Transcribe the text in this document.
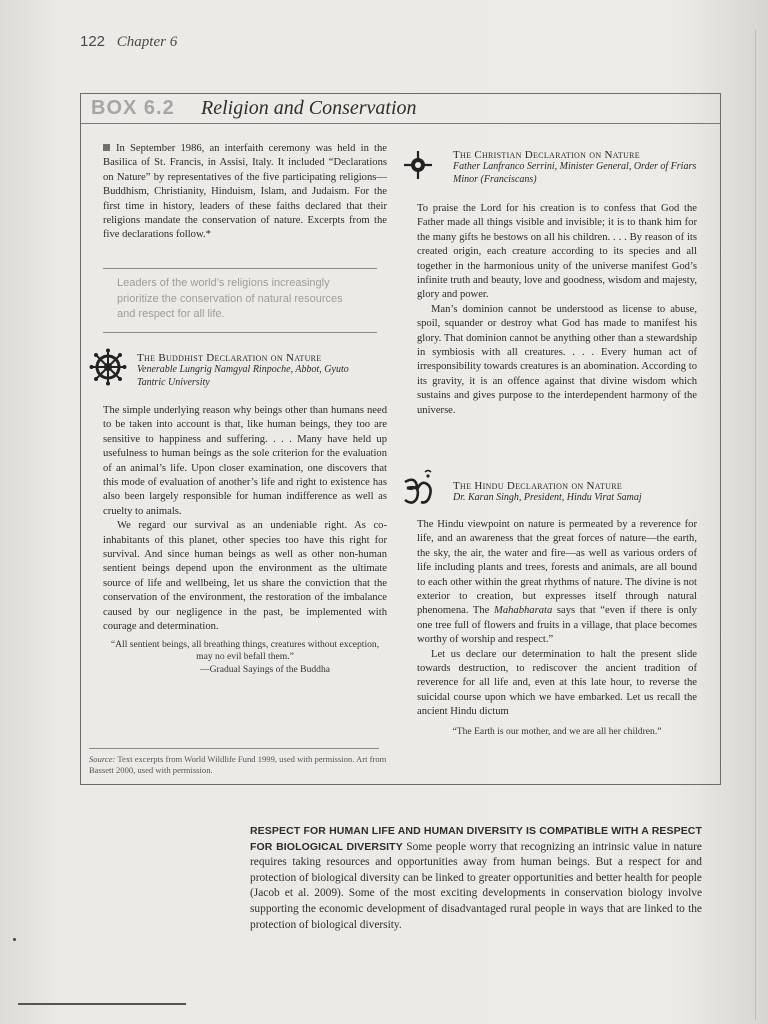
122 Chapter 6
BOX 6.2 Religion and Conservation
In September 1986, an interfaith ceremony was held in the Basilica of St. Francis, in Assisi, Italy. It included “Declarations on Nature” by representatives of the five participating religions—Buddhism, Christianity, Hinduism, Islam, and Judaism. For the first time in history, leaders of these faiths declared that their religions mandate the conservation of nature. Excerpts from the five declarations follow.*
Leaders of the world’s religions increasingly prioritize the conservation of natural resources and respect for all life.
The Buddhist Declaration on Nature
Venerable Lungrig Namgyal Rinpoche, Abbot, Gyuto Tantric University

The simple underlying reason why beings other than humans need to be taken into account is that, like human beings, they too are sensitive to happiness and suffering. . . . Many have held up usefulness to human beings as the sole criterion for the evaluation of an animal’s life. Upon closer examination, one discovers that this mode of evaluation of another’s life and right to existence has also been largely responsible for human indifference as well as cruelty to animals.

We regard our survival as an undeniable right. As co-inhabitants of this planet, other species too have this right for survival. And since human beings as well as other non-human sentient beings depend upon the environment as the ultimate source of life and wellbeing, let us share the conviction that the conservation of the environment, the restoration of the imbalance caused by our negligence in the past, be implemented with courage and determination.

“All sentient beings, all breathing things, creatures without exception, may no evil befall them.”
—Gradual Sayings of the Buddha
Source: Text excerpts from World Wildlife Fund 1999, used with permission. Art from Bassett 2000, used with permission.
The Christian Declaration on Nature
Father Lanfranco Serrini, Minister General, Order of Friars Minor (Franciscans)

To praise the Lord for his creation is to confess that God the Father made all things visible and invisible; it is to thank him for the many gifts he bestows on all his children. . . . By reason of its created origin, each creature according to its species and all together in the harmonious unity of the universe manifest God’s infinite truth and beauty, love and goodness, wisdom and majesty, glory and power.

Man’s dominion cannot be understood as license to abuse, spoil, squander or destroy what God has made to manifest his glory. That dominion cannot be anything other than a stewardship in symbiosis with all creatures. . . . Every human act of irresponsibility towards creatures is an abomination. According to its gravity, it is an offence against that divine wisdom which sustains and gives purpose to the interdependent harmony of the universe.

The Hindu Declaration on Nature
Dr. Karan Singh, President, Hindu Virat Samaj

The Hindu viewpoint on nature is permeated by a reverence for life, and an awareness that the great forces of nature—the earth, the sky, the air, the water and fire—as well as various orders of life including plants and trees, forests and animals, are all bound to each other within the great rhythms of nature. The divine is not exterior to creation, but expresses itself through natural phenomena. The Mahabharata says that “even if there is only one tree full of flowers and fruits in a village, that place becomes worthy of worship and respect.”

Let us declare our determination to halt the present slide towards destruction, to rediscover the ancient tradition of reverence for all life and, even at this late hour, to reverse the suicidal course upon which we have embarked. Let us recall the ancient Hindu dictum

“The Earth is our mother, and we are all her children.”
RESPECT FOR HUMAN LIFE AND HUMAN DIVERSITY IS COMPATIBLE WITH A RESPECT FOR BIOLOGICAL DIVERSITY Some people worry that recognizing an intrinsic value in nature requires taking resources and opportunities away from human beings. But a respect for and protection of biological diversity can be linked to greater opportunities and better health for people (Jacob et al. 2009). Some of the most exciting developments in conservation biology involve supporting the economic development of disadvantaged rural people in ways that are linked to the protection of biological diversity.
